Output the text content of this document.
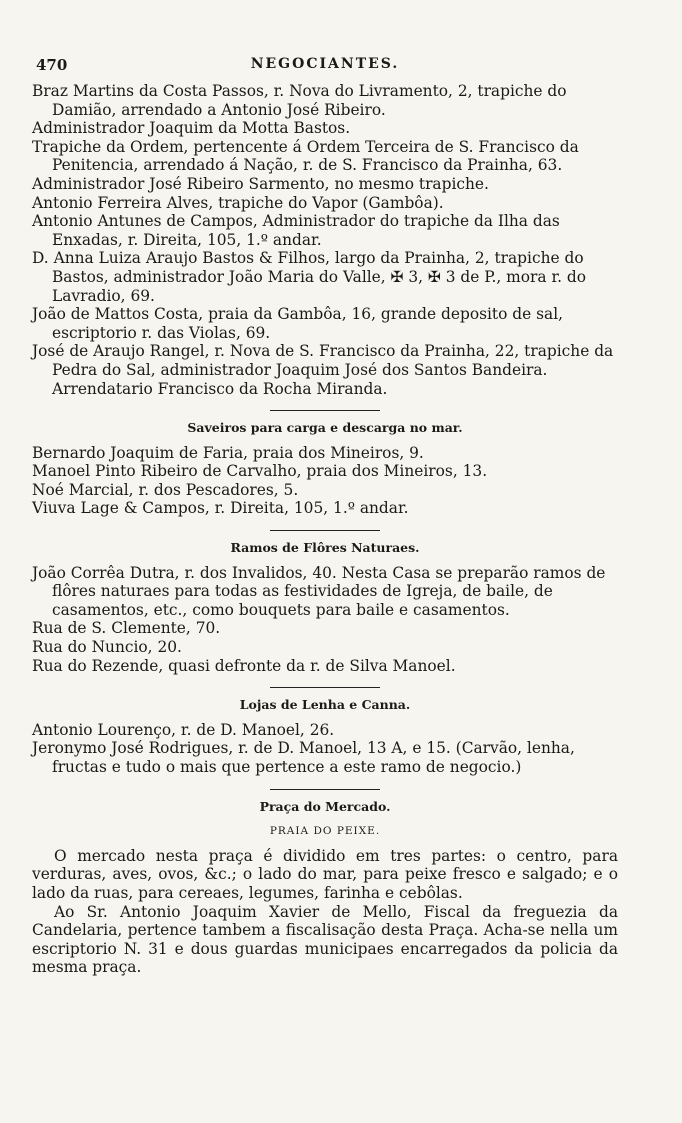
470	NEGOCIANTES.

Braz Martins da Costa Passos, r. Nova do Livramento, 2, trapiche do Damião, arrendado a Antonio José Ribeiro.

Administrador Joaquim da Motta Bastos.

Trapiche da Ordem, pertencente á Ordem Terceira de S. Francisco da Penitencia, arrendado á Nação, r. de S. Francisco da Prainha, 63.

Administrador José Ribeiro Sarmento, no mesmo trapiche.

Antonio Ferreira Alves, trapiche do Vapor (Gambôa).

Antonio Antunes de Campos, Administrador do trapiche da Ilha das Enxadas, r. Direita, 105, 1.º andar.

D. Anna Luiza Araujo Bastos & Filhos, largo da Prainha, 2, trapiche do Bastos, administrador João Maria do Valle, ✠ 3, ✠ 3 de P., mora r. do Lavradio, 69.

João de Mattos Costa, praia da Gambôa, 16, grande deposito de sal, escriptorio r. das Violas, 69.

José de Araujo Rangel, r. Nova de S. Francisco da Prainha, 22, trapiche da Pedra do Sal, administrador Joaquim José dos Santos Bandeira. Arrendatario Francisco da Rocha Miranda.

Saveiros para carga e descarga no mar.

Bernardo Joaquim de Faria, praia dos Mineiros, 9.

Manoel Pinto Ribeiro de Carvalho, praia dos Mineiros, 13.

Noé Marcial, r. dos Pescadores, 5.

Viuva Lage & Campos, r. Direita, 105, 1.º andar.

Ramos de Flôres Naturaes.

João Corrêa Dutra, r. dos Invalidos, 40. Nesta Casa se preparão ramos de flôres naturaes para todas as festividades de Igreja, de baile, de casamentos, etc., como bouquets para baile e casamentos.

Rua de S. Clemente, 70.

Rua do Nuncio, 20.

Rua do Rezende, quasi defronte da r. de Silva Manoel.

Lojas de Lenha e Canna.

Antonio Lourenço, r. de D. Manoel, 26.

Jeronymo José Rodrigues, r. de D. Manoel, 13 A, e 15. (Carvão, lenha, fructas e tudo o mais que pertence a este ramo de negocio.)

Praça do Mercado.
PRAIA DO PEIXE.

O mercado nesta praça é dividido em tres partes: o centro, para verduras, aves, ovos, &c.; o lado do mar, para peixe fresco e salgado; e o lado da ruas, para cereaes, legumes, farinha e cebôlas.

Ao Sr. Antonio Joaquim Xavier de Mello, Fiscal da freguezia da Candelaria, pertence tambem a fiscalisação desta Praça. Acha-se nella um escriptorio N. 31 e dous guardas municipaes encarregados da policia da mesma praça.
